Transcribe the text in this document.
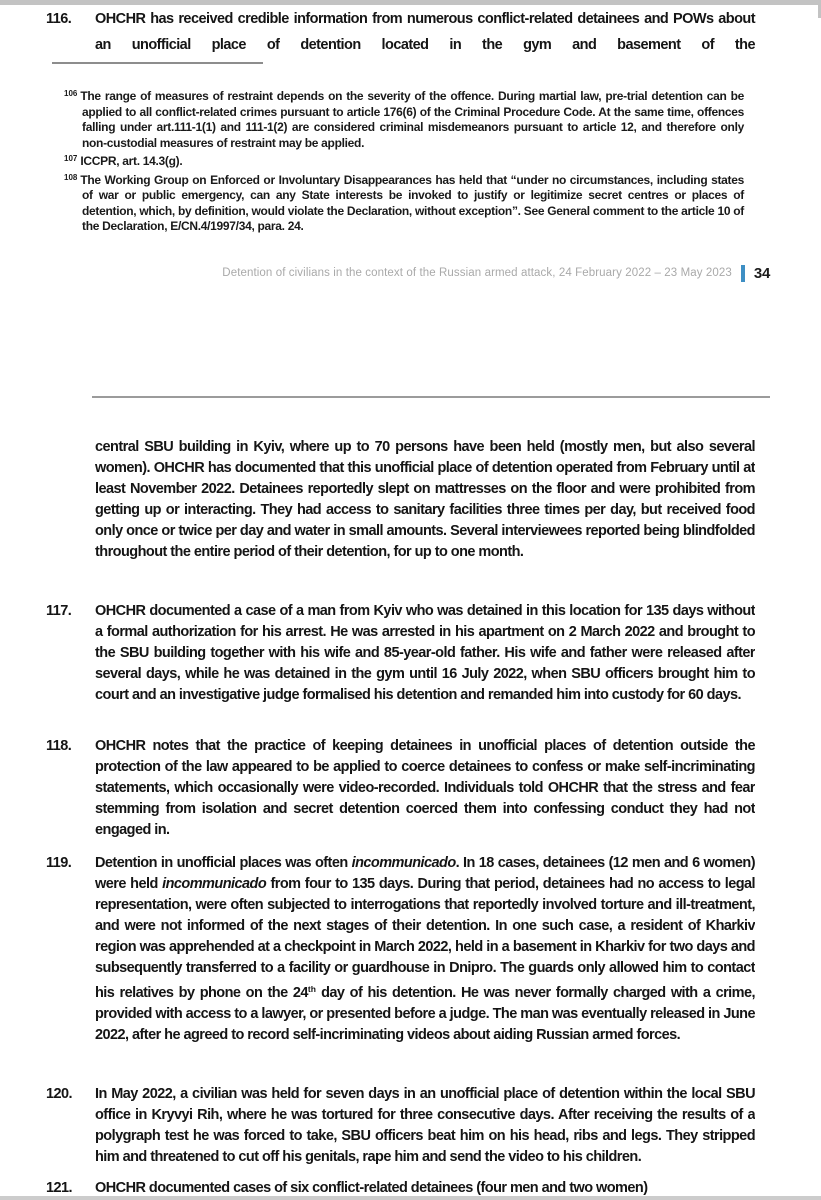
116.	OHCHR has received credible information from numerous conflict-related detainees and POWs about an unofficial place of detention located in the gym and basement of the

$^{106}$ The range of measures of restraint depends on the severity of the offence. During martial law, pre-trial detention can be applied to all conflict-related crimes pursuant to article 176(6) of the Criminal Procedure Code. At the same time, offences falling under art.111-1(1) and 111-1(2) are considered criminal misdemeanors pursuant to article 12, and therefore only non-custodial measures of restraint may be applied.

$^{107}$ ICCPR, art. 14.3(g).

$^{108}$ The Working Group on Enforced or Involuntary Disappearances has held that “under no circumstances, including states of war or public emergency, can any State interests be invoked to justify or legitimize secret centres or places of detention, which, by definition, would violate the Declaration, without exception”. See General comment to the article 10 of the Declaration, E/CN.4/1997/34, para. 24.

Detention of civilians in the context of the Russian armed attack, 24 February 2022 – 23 May 2023 34
central SBU building in Kyiv, where up to 70 persons have been held (mostly men, but also several women). OHCHR has documented that this unofficial place of detention operated from February until at least November 2022. Detainees reportedly slept on mattresses on the floor and were prohibited from getting up or interacting. They had access to sanitary facilities three times per day, but received food only once or twice per day and water in small amounts. Several interviewees reported being blindfolded throughout the entire period of their detention, for up to one month.
117.	OHCHR documented a case of a man from Kyiv who was detained in this location for 135 days without a formal authorization for his arrest. He was arrested in his apartment on 2 March 2022 and brought to the SBU building together with his wife and 85-year-old father. His wife and father were released after several days, while he was detained in the gym until 16 July 2022, when SBU officers brought him to court and an investigative judge formalised his detention and remanded him into custody for 60 days.
118.	OHCHR notes that the practice of keeping detainees in unofficial places of detention outside the protection of the law appeared to be applied to coerce detainees to confess or make self-incriminating statements, which occasionally were video-recorded. Individuals told OHCHR that the stress and fear stemming from isolation and secret detention coerced them into confessing conduct they had not engaged in.
119.	Detention in unofficial places was often incommunicado. In 18 cases, detainees (12 men and 6 women) were held incommunicado from four to 135 days. During that period, detainees had no access to legal representation, were often subjected to interrogations that reportedly involved torture and ill-treatment, and were not informed of the next stages of their detention. In one such case, a resident of Kharkiv region was apprehended at a checkpoint in March 2022, held in a basement in Kharkiv for two days and subsequently transferred to a facility or guardhouse in Dnipro. The guards only allowed him to contact his relatives by phone on the 24th day of his detention. He was never formally charged with a crime, provided with access to a lawyer, or presented before a judge. The man was eventually released in June 2022, after he agreed to record self-incriminating videos about aiding Russian armed forces.
120.	In May 2022, a civilian was held for seven days in an unofficial place of detention within the local SBU office in Kryvyi Rih, where he was tortured for three consecutive days. After receiving the results of a polygraph test he was forced to take, SBU officers beat him on his head, ribs and legs. They stripped him and threatened to cut off his genitals, rape him and send the video to his children.
121.	OHCHR documented cases of six conflict-related detainees (four men and two women)
